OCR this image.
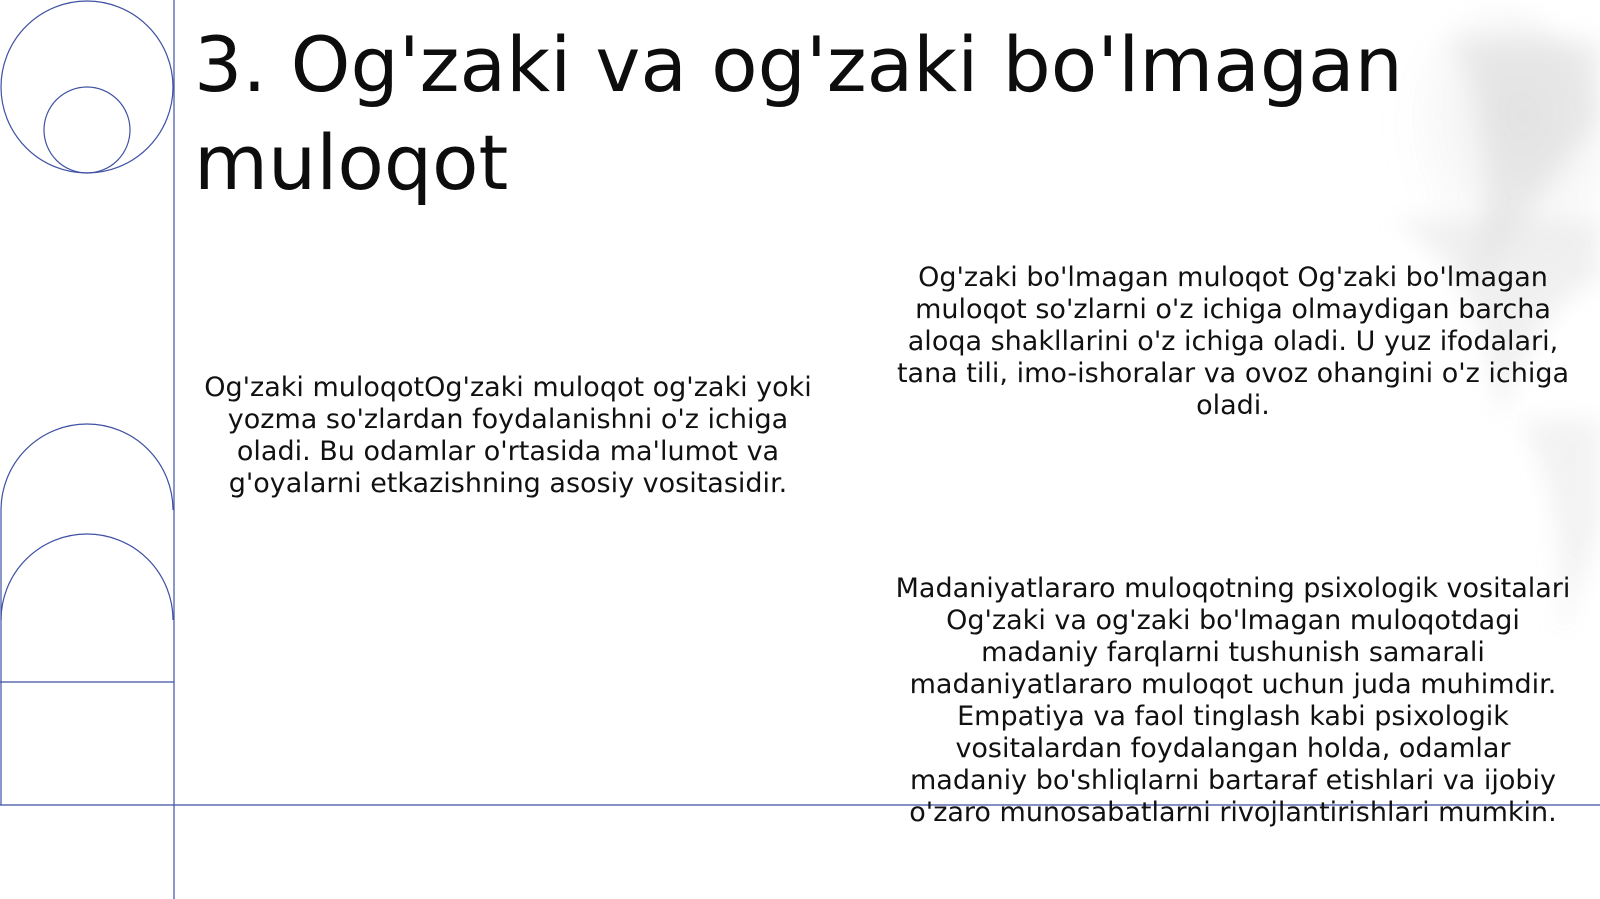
3. Og'zaki va og'zaki bo'lmagan muloqot
Og'zaki muloqotOg'zaki muloqot og'zaki yoki yozma so'zlardan foydalanishni o'z ichiga oladi. Bu odamlar o'rtasida ma'lumot va g'oyalarni etkazishning asosiy vositasidir.
Og'zaki bo'lmagan muloqot Og'zaki bo'lmagan muloqot so'zlarni o'z ichiga olmaydigan barcha aloqa shakllarini o'z ichiga oladi. U yuz ifodalari, tana tili, imo-ishoralar va ovoz ohangini o'z ichiga oladi.
Madaniyatlararo muloqotning psixologik vositalari Og'zaki va og'zaki bo'lmagan muloqotdagi madaniy farqlarni tushunish samarali madaniyatlararo muloqot uchun juda muhimdir. Empatiya va faol tinglash kabi psixologik vositalardan foydalangan holda, odamlar madaniy bo'shliqlarni bartaraf etishlari va ijobiy o'zaro munosabatlarni rivojlantirishlari mumkin.
